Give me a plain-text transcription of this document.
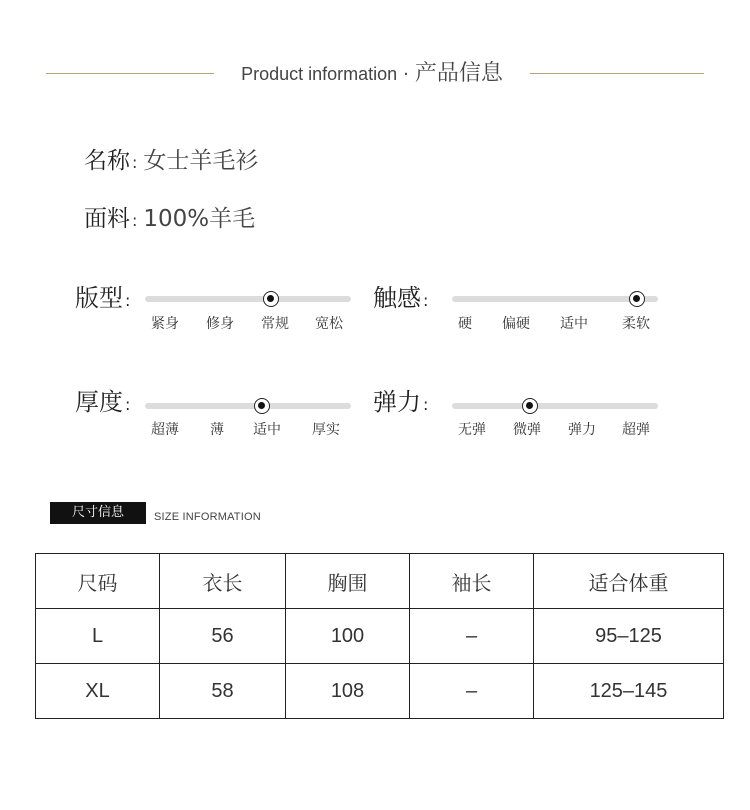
Product information · 产品信息
名称 : 女士羊毛衫
面料 : 100%羊毛
版型 :
紧身 修身 常规 宽松
触感 :
硬 偏硬 适中 柔软
厚度 :
超薄 薄 适中 厚实
弹力 :
无弹 微弹 弹力 超弹
尺寸信息	SIZE INFORMATION
尺码	衣长	胸围	袖长	适合体重
L	56	100	–	95–125
XL	58	108	–	125–145
